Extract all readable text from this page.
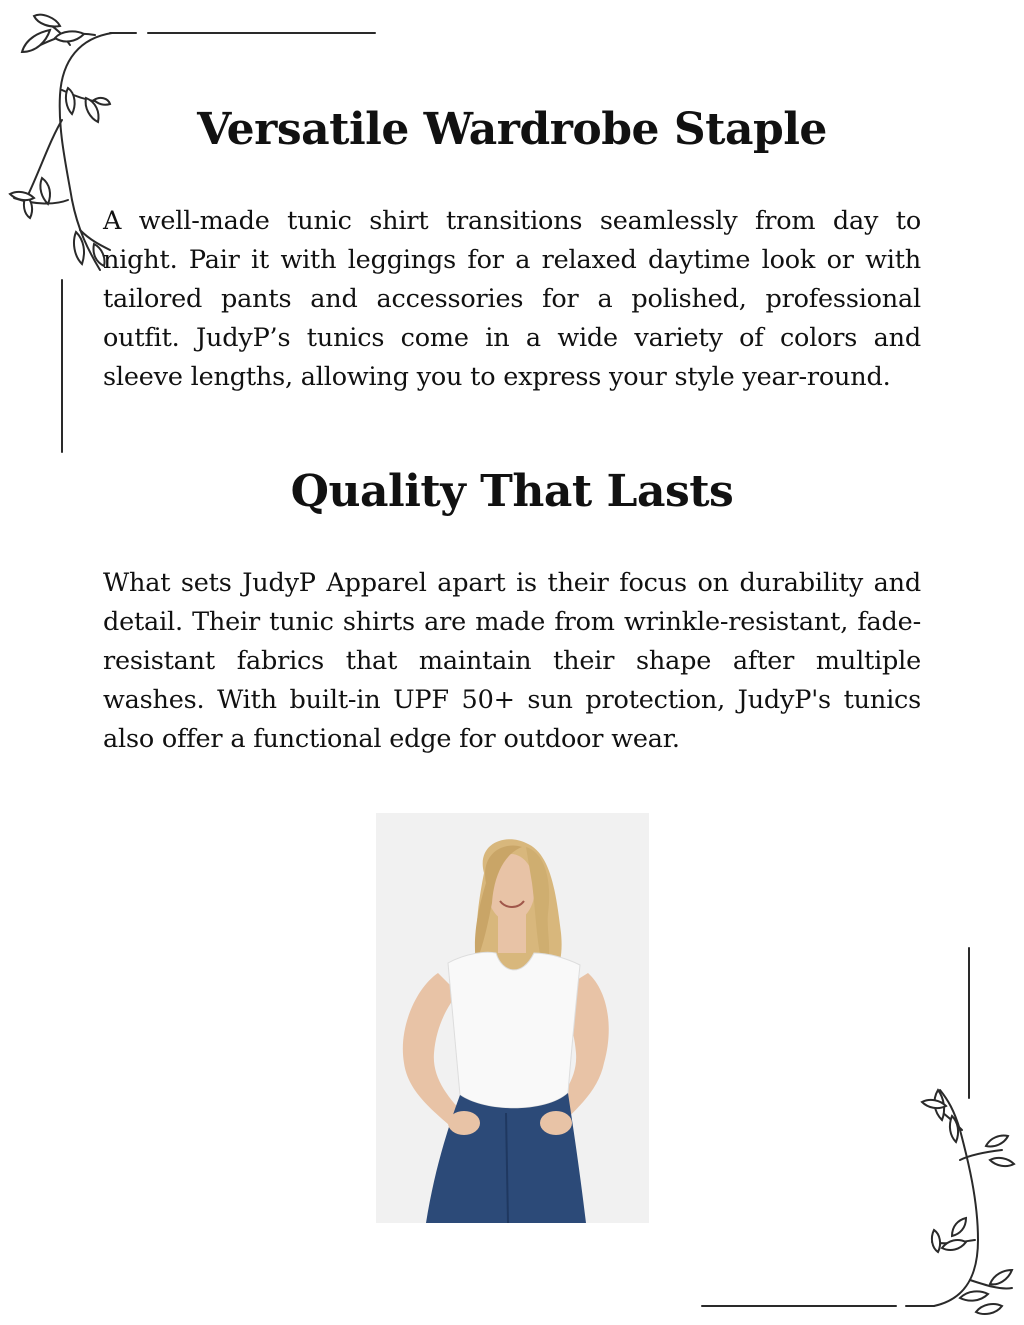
Versatile Wardrobe Staple

A well-made tunic shirt transitions seamlessly from day to night. Pair it with leggings for a relaxed daytime look or with tailored pants and accessories for a polished, professional outfit. JudyP’s tunics come in a wide variety of colors and sleeve lengths, allowing you to express your style year-round.

Quality That Lasts

What sets JudyP Apparel apart is their focus on durability and detail. Their tunic shirts are made from wrinkle-resistant, fade-resistant fabrics that maintain their shape after multiple washes. With built-in UPF 50+ sun protection, JudyP's tunics also offer a functional edge for outdoor wear.
